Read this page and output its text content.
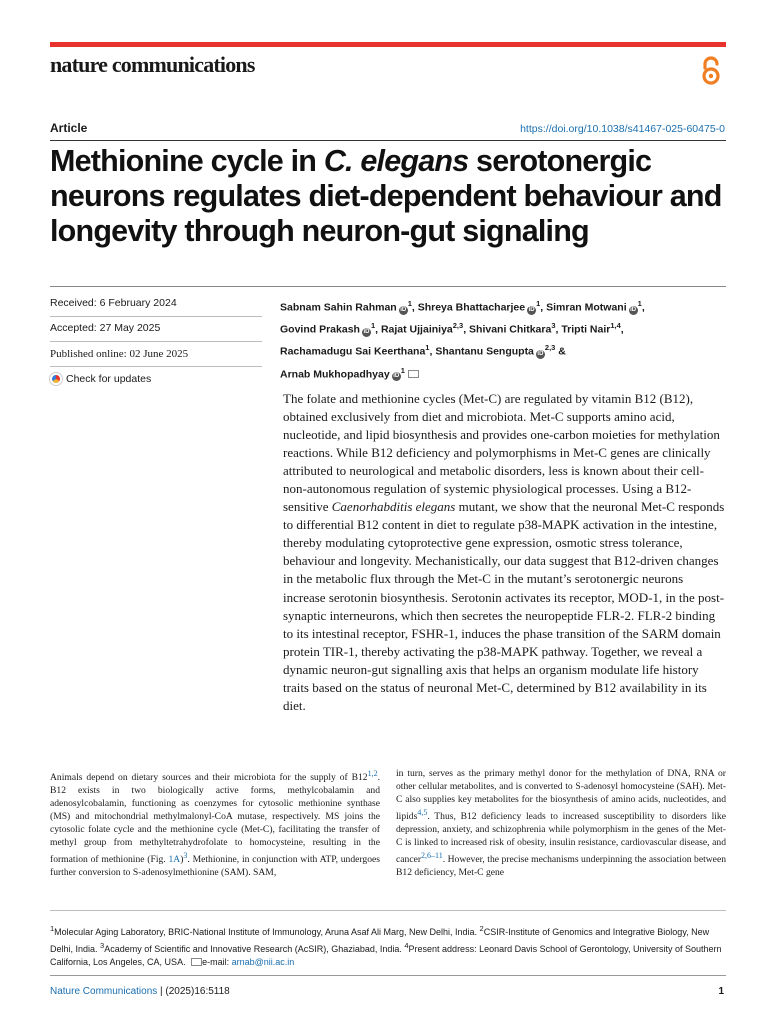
nature communications
Article	https://doi.org/10.1038/s41467-025-60475-0
Methionine cycle in C. elegans serotonergic neurons regulates diet-dependent behaviour and longevity through neuron-gut signaling
Received: 6 February 2024
Accepted: 27 May 2025
Published online: 02 June 2025
Check for updates
Sabnam Sahin Rahman $iD^1$, Shreya Bhattacharjee $iD^1$, Simran Motwani $iD^1$,
Govind Prakash $iD^1$, Rajat Ujjainiya$^{2,3}$, Shivani Chitkara$^3$, Tripti Nair$^{1,4}$,
Rachamadugu Sai Keerthana$^1$, Shantanu Sengupta iD$^{2,3}$ &
Arnab Mukhopadhyay $iD^1$

The folate and methionine cycles (Met-C) are regulated by vitamin B12 (B12), obtained exclusively from diet and microbiota. Met-C supports amino acid, nucleotide, and lipid biosynthesis and provides one-carbon moieties for methylation reactions. While B12 deficiency and polymorphisms in Met-C genes are clinically attributed to neurological and metabolic disorders, less is known about their cell-non-autonomous regulation of systemic physiological processes. Using a B12-sensitive Caenorhabditis elegans mutant, we show that the neuronal Met-C responds to differential B12 content in diet to regulate p38-MAPK activation in the intestine, thereby modulating cytoprotective gene expression, osmotic stress tolerance, behaviour and longevity. Mechanistically, our data suggest that B12-driven changes in the metabolic flux through the Met-C in the mutant’s serotonergic neurons increase serotonin biosynthesis. Serotonin activates its receptor, MOD-1, in the post-synaptic interneurons, which then secretes the neuropeptide FLR-2. FLR-2 binding to its intestinal receptor, FSHR-1, induces the phase transition of the SARM domain protein TIR-1, thereby activating the p38-MAPK pathway. Together, we reveal a dynamic neuron-gut signalling axis that helps an organism modulate life history traits based on the status of neuronal Met-C, determined by B12 availability in its diet.

Animals depend on dietary sources and their microbiota for the supply of B12$^{1,2}$. B12 exists in two biologically active forms, methylcobalamin and adenosylcobalamin, functioning as coenzymes for cytosolic methionine synthase (MS) and mitochondrial methylmalonyl-CoA mutase, respectively. MS joins the cytosolic folate cycle and the methionine cycle (Met-C), facilitating the transfer of methyl group from methyltetrahydrofolate to homocysteine, resulting in the formation of methionine (Fig. 1A)$^3$. Methionine, in conjunction with ATP, undergoes further conversion to S-adenosylmethionine (SAM). SAM,
in turn, serves as the primary methyl donor for the methylation of DNA, RNA or other cellular metabolites, and is converted to S-adenosyl homocysteine (SAH). Met-C also supplies key metabolites for the biosynthesis of amino acids, nucleotides, and lipids$^{4,5}$. Thus, B12 deficiency leads to increased susceptibility to disorders like depression, anxiety, and schizophrenia while polymorphism in the genes of the Met-C is linked to increased risk of obesity, insulin resistance, cardiovascular disease, and cancer$^{2,6-11}$. However, the precise mechanisms underpinning the association between B12 deficiency, Met-C gene
$^1$Molecular Aging Laboratory, BRIC-National Institute of Immunology, Aruna Asaf Ali Marg, New Delhi, India. $^2$CSIR-Institute of Genomics and Integrative Biology, New Delhi, India. $^3$Academy of Scientific and Innovative Research (AcSIR), Ghaziabad, India. $^4$Present address: Leonard Davis School of Gerontology, University of Southern California, Los Angeles, CA, USA. e-mail: arnab@nii.ac.in
Nature Communications | (2025)16:5118	1
